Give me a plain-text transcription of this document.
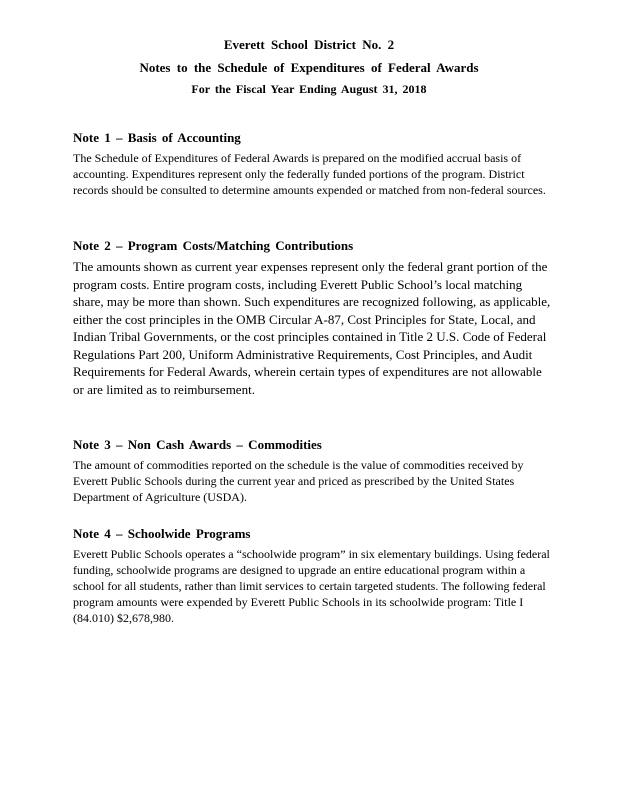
Everett School District No. 2
Notes to the Schedule of Expenditures of Federal Awards
For the Fiscal Year Ending August 31, 2018
Note 1 – Basis of Accounting

The Schedule of Expenditures of Federal Awards is prepared on the modified accrual basis of accounting. Expenditures represent only the federally funded portions of the program. District records should be consulted to determine amounts expended or matched from non-federal sources.

Note 2 – Program Costs/Matching Contributions

The amounts shown as current year expenses represent only the federal grant portion of the program costs. Entire program costs, including Everett Public School’s local matching share, may be more than shown. Such expenditures are recognized following, as applicable, either the cost principles in the OMB Circular A-87, Cost Principles for State, Local, and Indian Tribal Governments, or the cost principles contained in Title 2 U.S. Code of Federal Regulations Part 200, Uniform Administrative Requirements, Cost Principles, and Audit Requirements for Federal Awards, wherein certain types of expenditures are not allowable or are limited as to reimbursement.

Note 3 – Non Cash Awards – Commodities

The amount of commodities reported on the schedule is the value of commodities received by Everett Public Schools during the current year and priced as prescribed by the United States Department of Agriculture (USDA).

Note 4 – Schoolwide Programs

Everett Public Schools operates a “schoolwide program” in six elementary buildings. Using federal funding, schoolwide programs are designed to upgrade an entire educational program within a school for all students, rather than limit services to certain targeted students. The following federal program amounts were expended by Everett Public Schools in its schoolwide program: Title I (84.010) $2,678,980.
